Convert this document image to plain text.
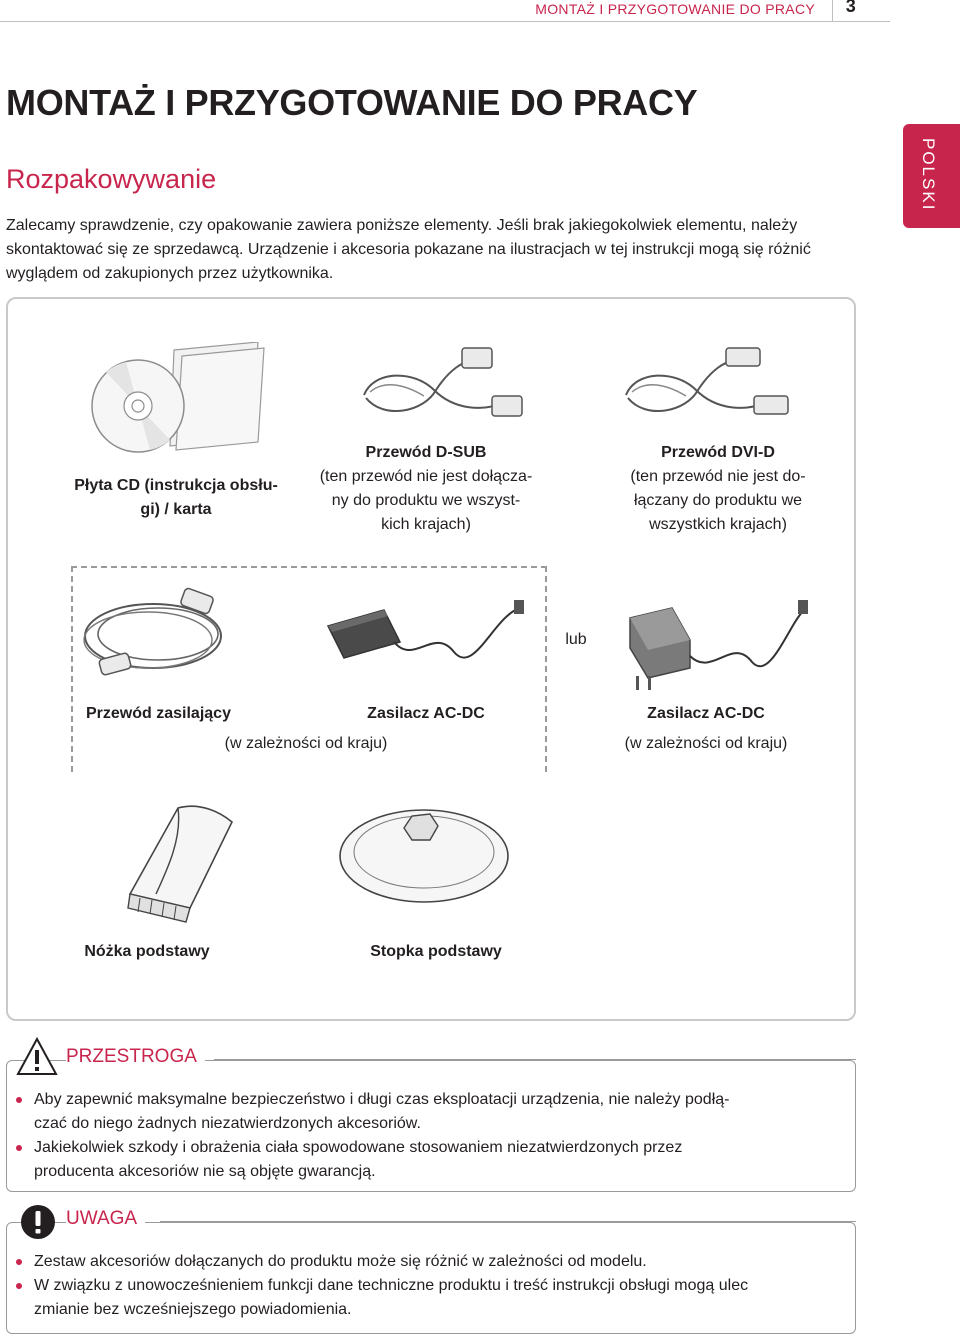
MONTAŻ I PRZYGOTOWANIE DO PRACY 3
POLSKI
MONTAŻ I PRZYGOTOWANIE DO PRACY
Rozpakowywanie
Zalecamy sprawdzenie, czy opakowanie zawiera poniższe elementy. Jeśli brak jakiegokolwiek elementu, należy skontaktować się ze sprzedawcą. Urządzenie i akcesoria pokazane na ilustracjach w tej instrukcji mogą się różnić wyglądem od zakupionych przez użytkownika.
Płyta CD (instrukcja obsłu-
gi) / karta
Przewód D-SUB
(ten przewód nie jest dołącza-
ny do produktu we wszyst-
kich krajach)
Przewód DVI-D
(ten przewód nie jest do-
łączany do produktu we
wszystkich krajach)
lub
Przewód zasilający	Zasilacz AC-DC
(w zależności od kraju)
Zasilacz AC-DC
(w zależności od kraju)
Nóżka podstawy	Stopka podstawy
PRZESTROGA
Aby zapewnić maksymalne bezpieczeństwo i długi czas eksploatacji urządzenia, nie należy podłą-
czać do niego żadnych niezatwierdzonych akcesoriów.
Jakiekolwiek szkody i obrażenia ciała spowodowane stosowaniem niezatwierdzonych przez
producenta akcesoriów nie są objęte gwarancją.
UWAGA
Zestaw akcesoriów dołączanych do produktu może się różnić w zależności od modelu.
W związku z unowocześnieniem funkcji dane techniczne produktu i treść instrukcji obsługi mogą ulec
zmianie bez wcześniejszego powiadomienia.
